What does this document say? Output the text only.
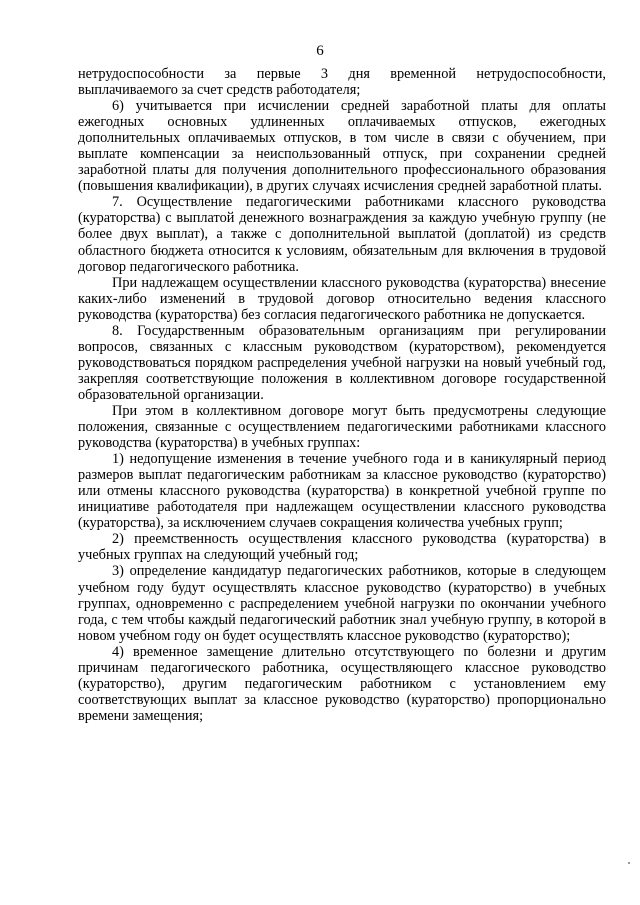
6

нетрудоспособности за первые 3 дня временной нетрудоспособности, выплачиваемого за счет средств работодателя;

6) учитывается при исчислении средней заработной платы для оплаты ежегодных основных удлиненных оплачиваемых отпусков, ежегодных дополнительных оплачиваемых отпусков, в том числе в связи с обучением, при выплате компенсации за неиспользованный отпуск, при сохранении средней заработной платы для получения дополнительного профессионального образования (повышения квалификации), в других случаях исчисления средней заработной платы.

7. Осуществление педагогическими работниками классного руководства (кураторства) с выплатой денежного вознаграждения за каждую учебную группу (не более двух выплат), а также с дополнительной выплатой (доплатой) из средств областного бюджета относится к условиям, обязательным для включения в трудовой договор педагогического работника.

При надлежащем осуществлении классного руководства (кураторства) внесение каких-либо изменений в трудовой договор относительно ведения классного руководства (кураторства) без согласия педагогического работника не допускается.

8. Государственным образовательным организациям при регулировании вопросов, связанных с классным руководством (кураторством), рекомендуется руководствоваться порядком распределения учебной нагрузки на новый учебный год, закрепляя соответствующие положения в коллективном договоре государственной образовательной организации.

При этом в коллективном договоре могут быть предусмотрены следующие положения, связанные с осуществлением педагогическими работниками классного руководства (кураторства) в учебных группах:

1) недопущение изменения в течение учебного года и в каникулярный период размеров выплат педагогическим работникам за классное руководство (кураторство) или отмены классного руководства (кураторства) в конкретной учебной группе по инициативе работодателя при надлежащем осуществлении классного руководства (кураторства), за исключением случаев сокращения количества учебных групп;

2) преемственность осуществления классного руководства (кураторства) в учебных группах на следующий учебный год;

3) определение кандидатур педагогических работников, которые в следующем учебном году будут осуществлять классное руководство (кураторство) в учебных группах, одновременно с распределением учебной нагрузки по окончании учебного года, с тем чтобы каждый педагогический работник знал учебную группу, в которой в новом учебном году он будет осуществлять классное руководство (кураторство);

4) временное замещение длительно отсутствующего по болезни и другим причинам педагогического работника, осуществляющего классное руководство (кураторство), другим педагогическим работником с установлением ему соответствующих выплат за классное руководство (кураторство) пропорционально времени замещения;
